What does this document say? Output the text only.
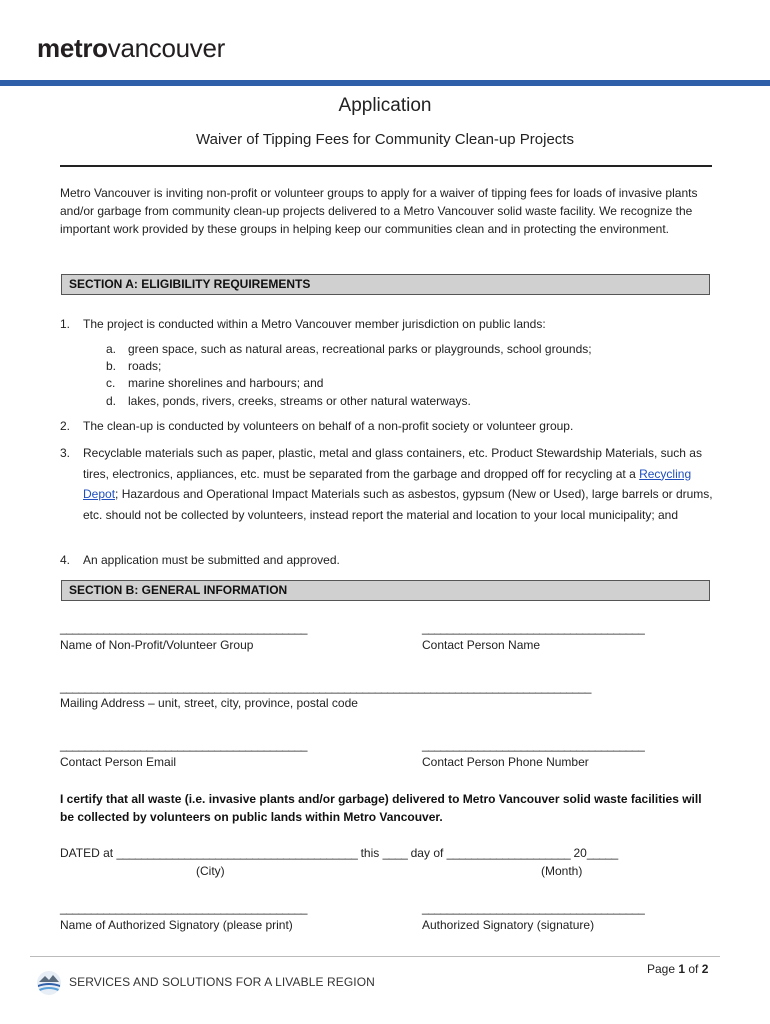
metrovancouver
Application
Waiver of Tipping Fees for Community Clean-up Projects
Metro Vancouver is inviting non-profit or volunteer groups to apply for a waiver of tipping fees for loads of invasive plants and/or garbage from community clean-up projects delivered to a Metro Vancouver solid waste facility. We recognize the important work provided by these groups in helping keep our communities clean and in protecting the environment.
SECTION A: ELIGIBILITY REQUIREMENTS
1. The project is conducted within a Metro Vancouver member jurisdiction on public lands:
a. green space, such as natural areas, recreational parks or playgrounds, school grounds;
b. roads;
c. marine shorelines and harbours; and
d. lakes, ponds, rivers, creeks, streams or other natural waterways.
2. The clean-up is conducted by volunteers on behalf of a non-profit society or volunteer group.
3. Recyclable materials such as paper, plastic, metal and glass containers, etc. Product Stewardship Materials, such as tires, electronics, appliances, etc. must be separated from the garbage and dropped off for recycling at a Recycling Depot; Hazardous and Operational Impact Materials such as asbestos, gypsum (New or Used), large barrels or drums, etc. should not be collected by volunteers, instead report the material and location to your local municipality; and
4. An application must be submitted and approved.
SECTION B: GENERAL INFORMATION
________________________________________	____________________________________
Name of Non-Profit/Volunteer Group	Contact Person Name
______________________________________________________________________________________
Mailing Address – unit, street, city, province, postal code
________________________________________	____________________________________
Contact Person Email	Contact Person Phone Number
I certify that all waste (i.e. invasive plants and/or garbage) delivered to Metro Vancouver solid waste facilities will be collected by volunteers on public lands within Metro Vancouver.
DATED at _______________________________________ this ____ day of ____________________ 20_____
(City)	(Month)
________________________________________	____________________________________
Name of Authorized Signatory (please print)	Authorized Signatory (signature)
SERVICES AND SOLUTIONS FOR A LIVABLE REGION
Page 1 of 2
